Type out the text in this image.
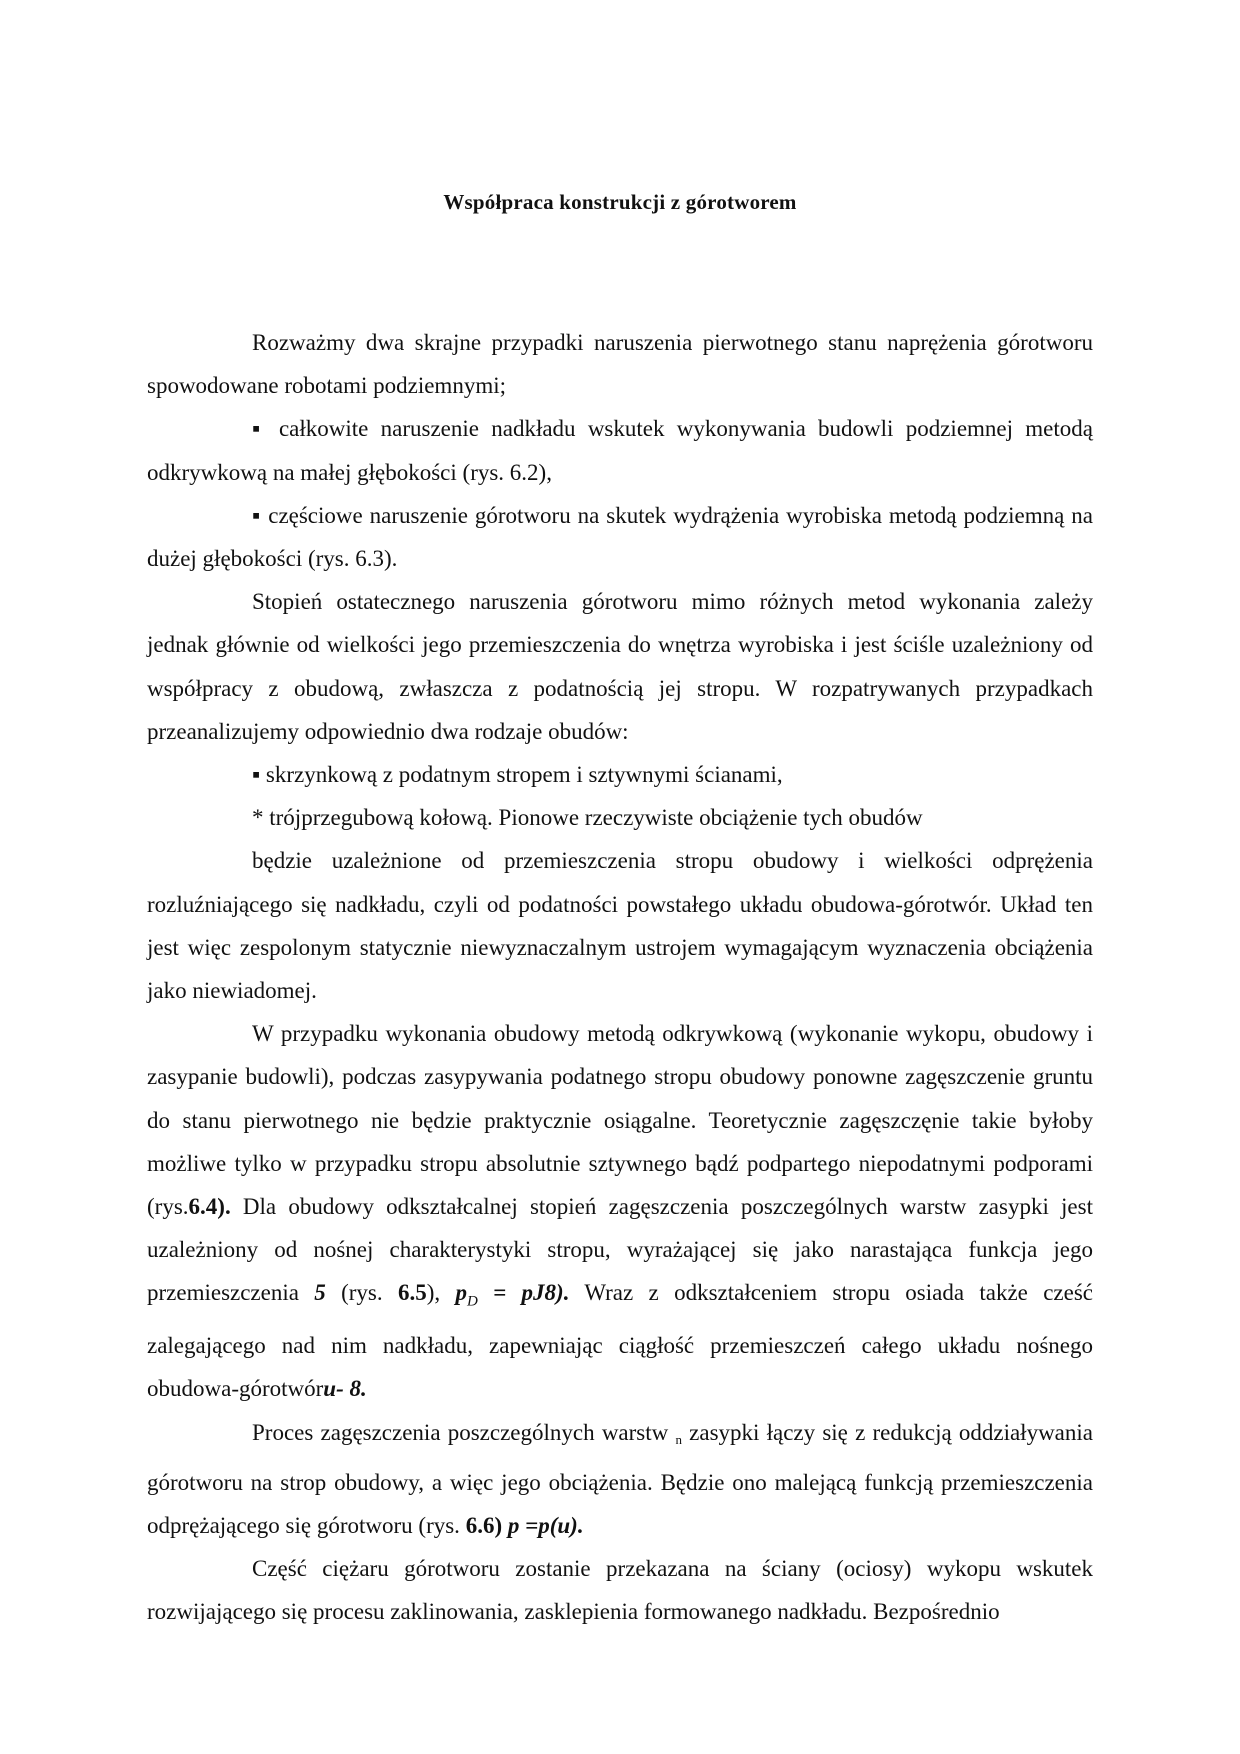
Współpraca konstrukcji z górotworem

Rozważmy dwa skrajne przypadki naruszenia pierwotnego stanu naprężenia górotworu spowodowane robotami podziemnymi;

▪ całkowite naruszenie nadkładu wskutek wykonywania budowli podziemnej metodą odkrywkową na małej głębokości (rys. 6.2),

▪ częściowe naruszenie górotworu na skutek wydrążenia wyrobiska metodą podziemną na dużej głębokości (rys. 6.3).

Stopień ostatecznego naruszenia górotworu mimo różnych metod wykonania zależy jednak głównie od wielkości jego przemieszczenia do wnętrza wyrobiska i jest ściśle uzależniony od współpracy z obudową, zwłaszcza z podatnością jej stropu. W rozpatrywanych przypadkach przeanalizujemy odpowiednio dwa rodzaje obudów:

▪ skrzynkową z podatnym stropem i sztywnymi ścianami,

* trójprzegubową kołową. Pionowe rzeczywiste obciążenie tych obudów

będzie uzależnione od przemieszczenia stropu obudowy i wielkości odprężenia rozluźniającego się nadkładu, czyli od podatności powstałego układu obudowa-górotwór. Układ ten jest więc zespolonym statycznie niewyznaczalnym ustrojem wymagającym wyznaczenia obciążenia jako niewiadomej.

W przypadku wykonania obudowy metodą odkrywkową (wykonanie wykopu, obudowy i zasypanie budowli), podczas zasypywania podatnego stropu obudowy ponowne zagęszczenie gruntu do stanu pierwotnego nie będzie praktycznie osiągalne. Teoretycznie zagęszczęnie takie byłoby możliwe tylko w przypadku stropu absolutnie sztywnego bądź podpartego niepodatnymi podporami (rys.6.4). Dla obudowy odkształcalnej stopień zagęszczenia poszczególnych warstw zasypki jest uzależniony od nośnej charakterystyki stropu, wyrażającej się jako narastająca funkcja jego przemieszczenia 5 (rys. 6.5), $p_D = pJ8$). Wraz z odkształceniem stropu osiada także cześć zalegającego nad nim nadkładu, zapewniając ciągłość przemieszczeń całego układu nośnego obudowa-górotwóru- 8.

Proces zagęszczenia poszczególnych warstw n zasypki łączy się z redukcją oddziaływania górotworu na strop obudowy, a więc jego obciążenia. Będzie ono malejącą funkcją przemieszczenia odprężającego się górotworu (rys. 6.6) p =p(u).

Część ciężaru górotworu zostanie przekazana na ściany (ociosy) wykopu wskutek rozwijającego się procesu zaklinowania, zasklepienia formowanego nadkładu. Bezpośrednio
